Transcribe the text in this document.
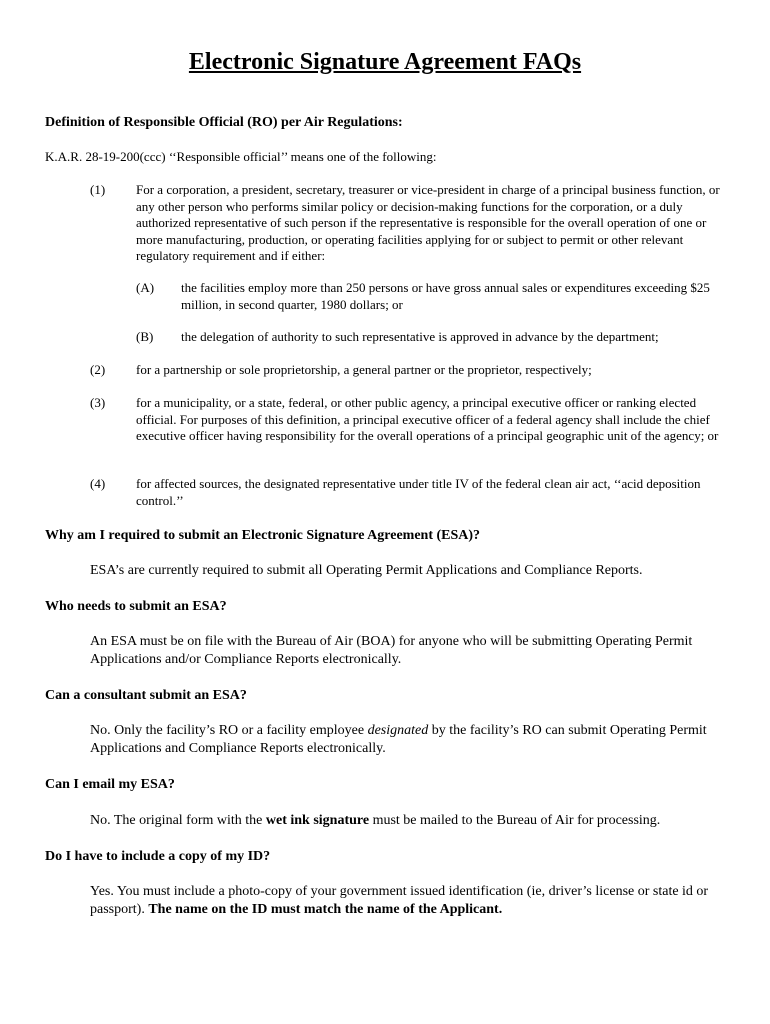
Electronic Signature Agreement FAQs

Definition of Responsible Official (RO) per Air Regulations:

K.A.R. 28-19-200(ccc) ‘‘Responsible official’’ means one of the following:

(1) For a corporation, a president, secretary, treasurer or vice-president in charge of a principal business function, or any other person who performs similar policy or decision-making functions for the corporation, or a duly authorized representative of such person if the representative is responsible for the overall operation of one or more manufacturing, production, or operating facilities applying for or subject to permit or other relevant regulatory requirement and if either:
(A) the facilities employ more than 250 persons or have gross annual sales or expenditures exceeding $25 million, in second quarter, 1980 dollars; or
(B) the delegation of authority to such representative is approved in advance by the department;
(2) for a partnership or sole proprietorship, a general partner or the proprietor, respectively;
(3) for a municipality, or a state, federal, or other public agency, a principal executive officer or ranking elected official. For purposes of this definition, a principal executive officer of a federal agency shall include the chief executive officer having responsibility for the overall operations of a principal geographic unit of the agency; or
(4) for affected sources, the designated representative under title IV of the federal clean air act, ‘‘acid deposition control.’’

Why am I required to submit an Electronic Signature Agreement (ESA)?

ESA’s are currently required to submit all Operating Permit Applications and Compliance Reports.

Who needs to submit an ESA?

An ESA must be on file with the Bureau of Air (BOA) for anyone who will be submitting Operating Permit Applications and/or Compliance Reports electronically.

Can a consultant submit an ESA?

No. Only the facility’s RO or a facility employee designated by the facility’s RO can submit Operating Permit Applications and Compliance Reports electronically.

Can I email my ESA?

No. The original form with the wet ink signature must be mailed to the Bureau of Air for processing.

Do I have to include a copy of my ID?

Yes. You must include a photo-copy of your government issued identification (ie, driver’s license or state id or passport). The name on the ID must match the name of the Applicant.
